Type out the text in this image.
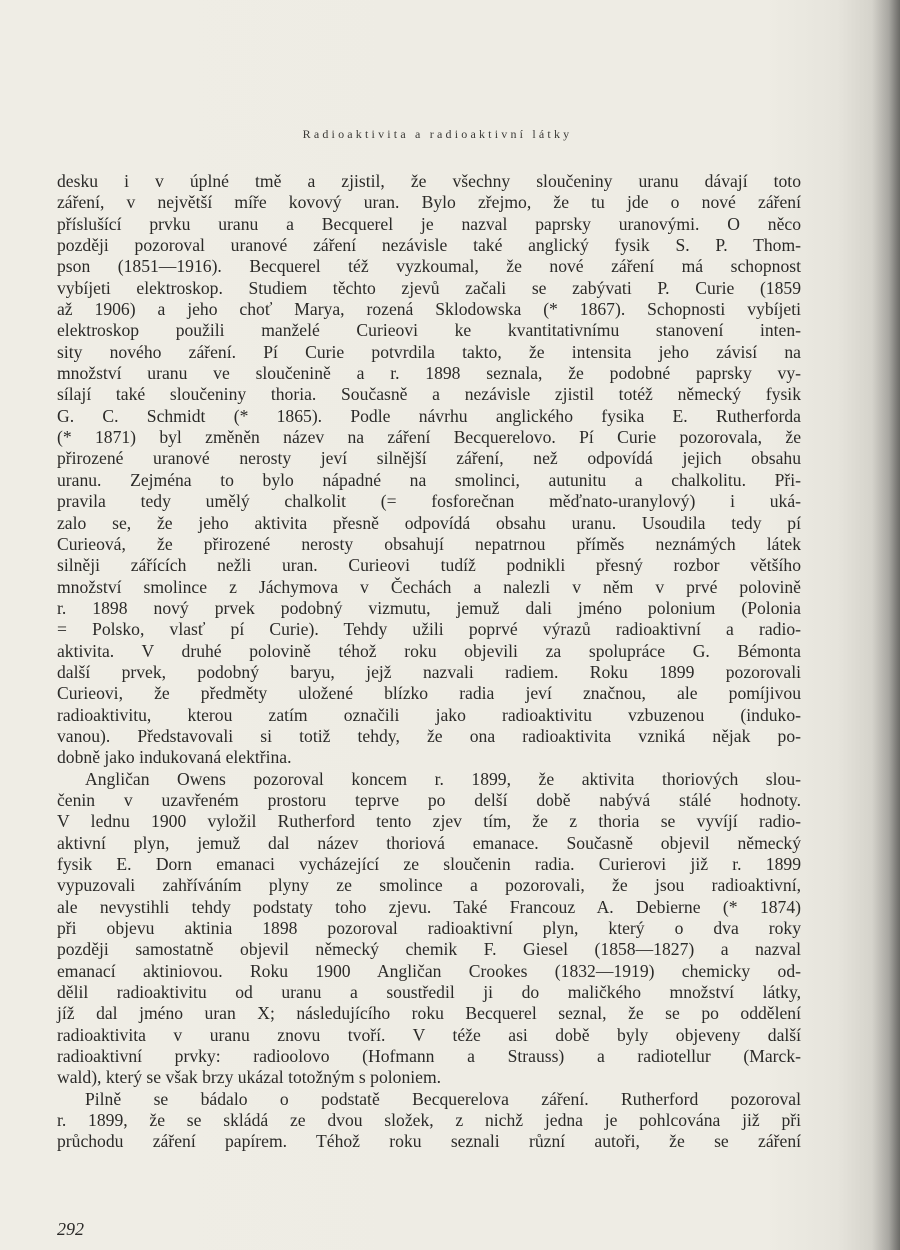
Radioaktivita a radioaktivní látky
desku i v úplné tmě a zjistil, že všechny sloučeniny uranu dávají toto
záření, v největší míře kovový uran. Bylo zřejmo, že tu jde o nové záření
příslušící prvku uranu a Becquerel je nazval paprsky uranovými. O něco
později pozoroval uranové záření nezávisle také anglický fysik S. P. Thom-
pson (1851—1916). Becquerel též vyzkoumal, že nové záření má schopnost
vybíjeti elektroskop. Studiem těchto zjevů začali se zabývati P. Curie (1859
až 1906) a jeho choť Marya, rozená Sklodowska (* 1867). Schopnosti vybíjeti
elektroskop použili manželé Curieovi ke kvantitativnímu stanovení inten-
sity nového záření. Pí Curie potvrdila takto, že intensita jeho závisí na
množství uranu ve sloučenině a r. 1898 seznala, že podobné paprsky vy-
sílají také sloučeniny thoria. Současně a nezávisle zjistil totéž německý fysik
G. C. Schmidt (* 1865). Podle návrhu anglického fysika E. Rutherforda
(* 1871) byl změněn název na záření Becquerelovo. Pí Curie pozorovala, že
přirozené uranové nerosty jeví silnější záření, než odpovídá jejich obsahu
uranu. Zejména to bylo nápadné na smolinci, autunitu a chalkolitu. Při-
pravila tedy umělý chalkolit (= fosforečnan měďnato-uranylový) i uká-
zalo se, že jeho aktivita přesně odpovídá obsahu uranu. Usoudila tedy pí
Curieová, že přirozené nerosty obsahují nepatrnou příměs neznámých látek
silněji zářících nežli uran. Curieovi tudíž podnikli přesný rozbor většího
množství smolince z Jáchymova v Čechách a nalezli v něm v prvé polovině
r. 1898 nový prvek podobný vizmutu, jemuž dali jméno polonium (Polonia
= Polsko, vlasť pí Curie). Tehdy užili poprvé výrazů radioaktivní a radio-
aktivita. V druhé polovině téhož roku objevili za spolupráce G. Bémonta
další prvek, podobný baryu, jejž nazvali radiem. Roku 1899 pozorovali
Curieovi, že předměty uložené blízko radia jeví značnou, ale pomíjivou
radioaktivitu, kterou zatím označili jako radioaktivitu vzbuzenou (induko-
vanou). Představovali si totiž tehdy, že ona radioaktivita vzniká nějak po-
dobně jako indukovaná elektřina.
Angličan Owens pozoroval koncem r. 1899, že aktivita thoriových slou-
čenin v uzavřeném prostoru teprve po delší době nabývá stálé hodnoty.
V lednu 1900 vyložil Rutherford tento zjev tím, že z thoria se vyvíjí radio-
aktivní plyn, jemuž dal název thoriová emanace. Současně objevil německý
fysik E. Dorn emanaci vycházející ze sloučenin radia. Curierovi již r. 1899
vypuzovali zahříváním plyny ze smolince a pozorovali, že jsou radioaktivní,
ale nevystihli tehdy podstaty toho zjevu. Také Francouz A. Debierne (* 1874)
při objevu aktinia 1898 pozoroval radioaktivní plyn, který o dva roky
později samostatně objevil německý chemik F. Giesel (1858—1827) a nazval
emanací aktiniovou. Roku 1900 Angličan Crookes (1832—1919) chemicky od-
dělil radioaktivitu od uranu a soustředil ji do maličkého množství látky,
jíž dal jméno uran X; následujícího roku Becquerel seznal, že se po oddělení
radioaktivita v uranu znovu tvoří. V téže asi době byly objeveny další
radioaktivní prvky: radioolovo (Hofmann a Strauss) a radiotellur (Marck-
wald), který se však brzy ukázal totožným s poloniem.
Pilně se bádalo o podstatě Becquerelova záření. Rutherford pozoroval
r. 1899, že se skládá ze dvou složek, z nichž jedna je pohlcována již při
průchodu záření papírem. Téhož roku seznali různí autoři, že se záření
292
